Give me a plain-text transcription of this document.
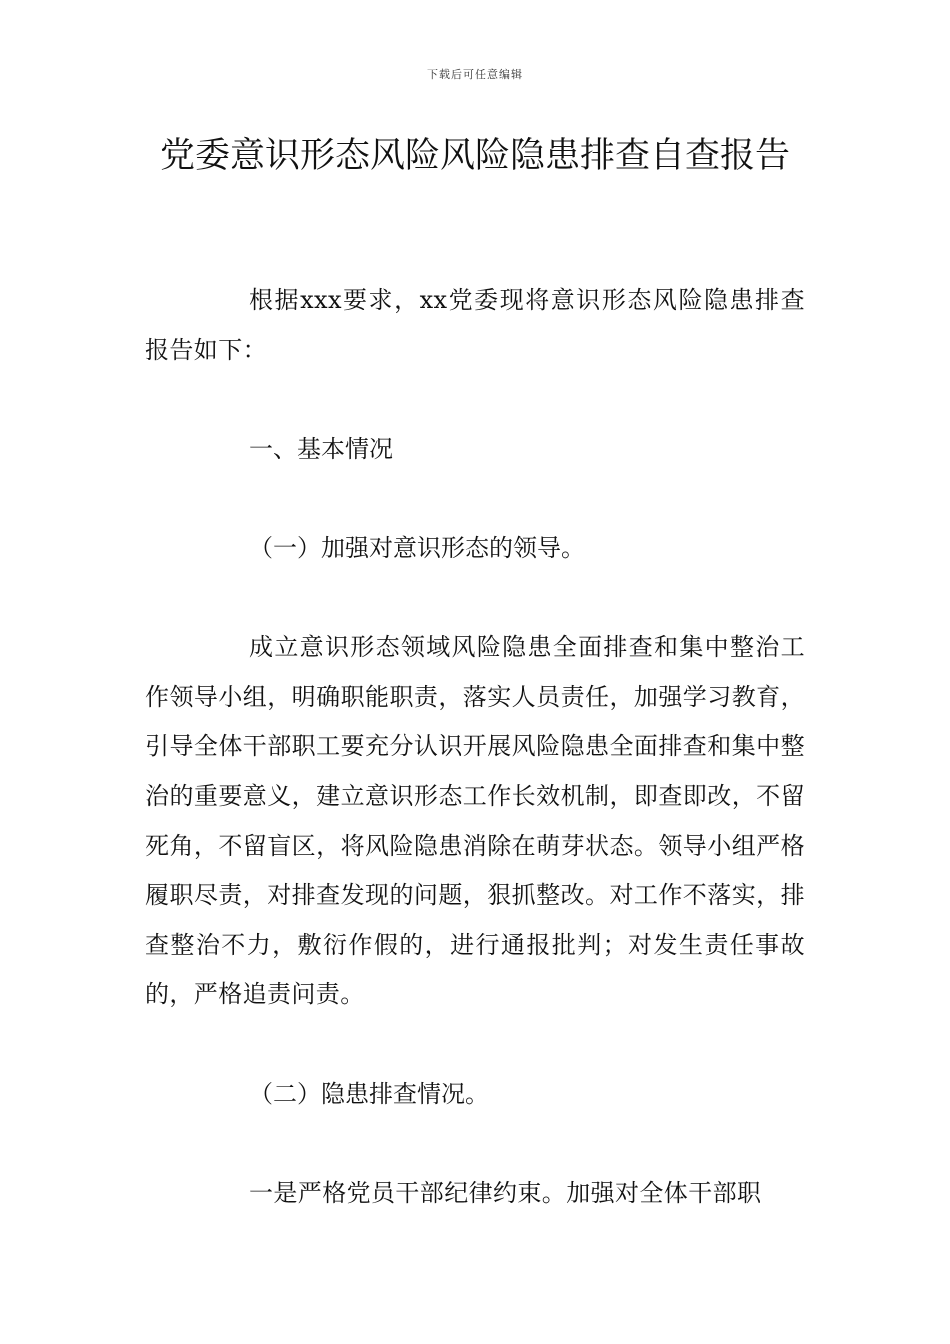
下载后可任意编辑
党委意识形态风险风险隐患排查自查报告

根据xxx要求，xx党委现将意识形态风险隐患排查报告如下：

一、基本情况

（一）加强对意识形态的领导。

成立意识形态领域风险隐患全面排查和集中整治工作领导小组，明确职能职责，落实人员责任，加强学习教育，引导全体干部职工要充分认识开展风险隐患全面排查和集中整治的重要意义，建立意识形态工作长效机制，即查即改，不留死角，不留盲区，将风险隐患消除在萌芽状态。领导小组严格履职尽责，对排查发现的问题，狠抓整改。对工作不落实，排查整治不力，敷衍作假的，进行通报批判；对发生责任事故的，严格追责问责。

（二）隐患排查情况。

一是严格党员干部纪律约束。加强对全体干部职
